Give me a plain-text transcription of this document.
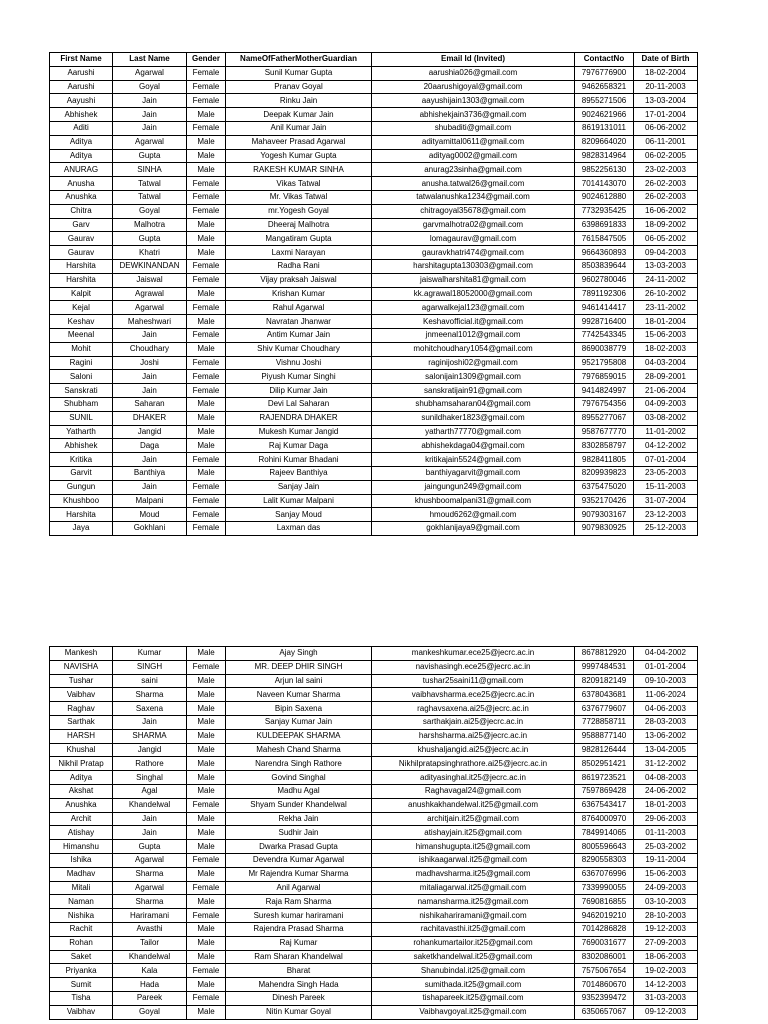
First Name	Last Name	Gender	NameOfFatherMotherGuardian	Email Id (Invited)	ContactNo	Date of Birth
Aarushi	Agarwal	Female	Sunil Kumar Gupta	aarushia026@gmail.com	7976776900	18-02-2004
Aarushi	Goyal	Female	Pranav Goyal	20aarushigoyal@gmail.com	9462658321	20-11-2003
Aayushi	Jain	Female	Rinku Jain	aayushijain1303@gmail.com	8955271506	13-03-2004
Abhishek	Jain	Male	Deepak Kumar Jain	abhishekjain3736@gmail.com	9024621966	17-01-2004
Aditi	Jain	Female	Anil Kumar Jain	shubaditi@gmail.com	8619131011	06-06-2002
Aditya	Agarwal	Male	Mahaveer Prasad Agarwal	adityamittal0611@gmail.com	8209664020	06-11-2001
Aditya	Gupta	Male	Yogesh Kumar Gupta	adityag0002@gmail.com	9828314964	06-02-2005
ANURAG	SINHA	Male	RAKESH KUMAR SINHA	anurag23sinha@gmail.com	9852256130	23-02-2003
Anusha	Tatwal	Female	Vikas Tatwal	anusha.tatwal26@gmail.com	7014143070	26-02-2003
Anushka	Tatwal	Female	Mr. Vikas Tatwal	tatwalanushka1234@gmail.com	9024612880	26-02-2003
Chitra	Goyal	Female	mr.Yogesh Goyal	chitragoyal35678@gmail.com	7732935425	16-06-2002
Garv	Malhotra	Male	Dheeraj Malhotra	garvmalhotra02@gmail.com	6398691833	18-09-2002
Gaurav	Gupta	Male	Mangatiram Gupta	lomagaurav@gmail.com	7615847505	06-05-2002
Gaurav	Khatri	Male	Laxmi Narayan	gauravkhatri474@gmail.com	9664360893	09-04-2003
Harshita	DEWKINANDAN	Female	Radha Rani	harshitagupta130303@gmail.com	8503839644	13-03-2003
Harshita	Jaiswal	Female	Vijay praksah Jaiswal	jaiswalharshita81@gmail.com	9602780046	24-11-2002
Kalpit	Agrawal	Male	Krishan Kumar	kk.agrawal18052000@gmail.com	7891192306	26-10-2002
Kejal	Agarwal	Female	Rahul Agarwal	agarwalkejal123@gmail.com	9461414417	23-11-2002
Keshav	Maheshwari	Male	Navratan Jhanwar	Keshavofficial.it@gmail.com	9928716400	18-01-2004
Meenal	Jain	Female	Antim Kumar Jain	jnmeenal1012@gmail.com	7742543345	15-06-2003
Mohit	Choudhary	Male	Shiv Kumar Choudhary	mohitchoudhary1054@gmail.com	8690038779	18-02-2003
Ragini	Joshi	Female	Vishnu Joshi	raginijoshi02@gmail.com	9521795808	04-03-2004
Saloni	Jain	Female	Piyush Kumar Singhi	salonijain1309@gmail.com	7976859015	28-09-2001
Sanskrati	Jain	Female	Dilip Kumar Jain	sanskratijain91@gmail.com	9414824997	21-06-2004
Shubham	Saharan	Male	Devi Lal Saharan	shubhamsaharan04@gmail.com	7976754356	04-09-2003
SUNIL	DHAKER	Male	RAJENDRA DHAKER	sunildhaker1823@gmail.com	8955277067	03-08-2002
Yatharth	Jangid	Male	Mukesh Kumar Jangid	yatharth77770@gmail.com	9587677770	11-01-2002
Abhishek	Daga	Male	Raj Kumar Daga	abhishekdaga04@gmail.com	8302858797	04-12-2002
Kritika	Jain	Female	Rohini Kumar Bhadani	kritikajain5524@gmail.com	9828411805	07-01-2004
Garvit	Banthiya	Male	Rajeev Banthiya	banthiyagarvit@gmail.com	8209939823	23-05-2003
Gungun	Jain	Female	Sanjay Jain	jaingungun249@gmail.com	6375475020	15-11-2003
Khushboo	Malpani	Female	Lalit Kumar Malpani	khushboomalpani31@gmail.com	9352170426	31-07-2004
Harshita	Moud	Female	Sanjay Moud	hmoud6262@gmail.com	9079303167	23-12-2003
Jaya	Gokhlani	Female	Laxman das	gokhlanijaya9@gmail.com	9079830925	25-12-2003
Mankesh	Kumar	Male	Ajay Singh	mankeshkumar.ece25@jecrc.ac.in	8678812920	04-04-2002
NAVISHA	SINGH	Female	MR. DEEP DHIR SINGH	navishasingh.ece25@jecrc.ac.in	9997484531	01-01-2004
Tushar	saini	Male	Arjun lal saini	tushar25saini11@gmail.com	8209182149	09-10-2003
Vaibhav	Sharma	Male	Naveen Kumar Sharma	vaibhavsharma.ece25@jecrc.ac.in	6378043681	11-06-2024
Raghav	Saxena	Male	Bipin Saxena	raghavsaxena.ai25@jecrc.ac.in	6376779607	04-06-2003
Sarthak	Jain	Male	Sanjay Kumar Jain	sarthakjain.ai25@jecrc.ac.in	7728858711	28-03-2003
HARSH	SHARMA	Male	KULDEEPAK SHARMA	harshsharma.ai25@jecrc.ac.in	9588877140	13-06-2002
Khushal	Jangid	Male	Mahesh Chand Sharma	khushaljangid.ai25@jecrc.ac.in	9828126444	13-04-2005
Nikhil Pratap	Rathore	Male	Narendra Singh Rathore	Nikhilpratapsinghrathore.ai25@jecrc.ac.in	8502951421	31-12-2002
Aditya	Singhal	Male	Govind Singhal	adityasinghal.it25@jecrc.ac.in	8619723521	04-08-2003
Akshat	Agal	Male	Madhu Agal	Raghavagal24@gmail.com	7597869428	24-06-2002
Anushka	Khandelwal	Female	Shyam Sunder Khandelwal	anushkakhandelwal.it25@gmail.com	6367543417	18-01-2003
Archit	Jain	Male	Rekha Jain	architjain.it25@gmail.com	8764000970	29-06-2003
Atishay	Jain	Male	Sudhir Jain	atishayjain.it25@gmail.com	7849914065	01-11-2003
Himanshu	Gupta	Male	Dwarka Prasad Gupta	himanshugupta.it25@gmail.com	8005596643	25-03-2002
Ishika	Agarwal	Female	Devendra Kumar Agarwal	ishikaagarwal.it25@gmail.com	8290558303	19-11-2004
Madhav	Sharma	Male	Mr Rajendra Kumar Sharma	madhavsharma.it25@gmail.com	6367076996	15-06-2003
Mitali	Agarwal	Female	Anil Agarwal	mitaliagarwal.it25@gmail.com	7339990055	24-09-2003
Naman	Sharma	Male	Raja Ram Sharma	namansharma.it25@gmail.com	7690816855	03-10-2003
Nishika	Hariramani	Female	Suresh kumar hariramani	nishikahariramani@gmail.com	9462019210	28-10-2003
Rachit	Avasthi	Male	Rajendra Prasad Sharma	rachitavasthi.it25@gmail.com	7014286828	19-12-2003
Rohan	Tailor	Male	Raj Kumar	rohankumartailor.it25@gmail.com	7690031677	27-09-2003
Saket	Khandelwal	Male	Ram Sharan Khandelwal	saketkhandelwal.it25@gmail.com	8302086001	18-06-2003
Priyanka	Kala	Female	Bharat	Shanubindal.it25@gmail.com	7575067654	19-02-2003
Sumit	Hada	Male	Mahendra Singh Hada	sumithada.it25@gmail.com	7014860670	14-12-2003
Tisha	Pareek	Female	Dinesh Pareek	tishapareek.it25@gmail.com	9352399472	31-03-2003
Vaibhav	Goyal	Male	Nitin Kumar Goyal	Vaibhavgoyal.it25@gmail.com	6350657067	09-12-2003
